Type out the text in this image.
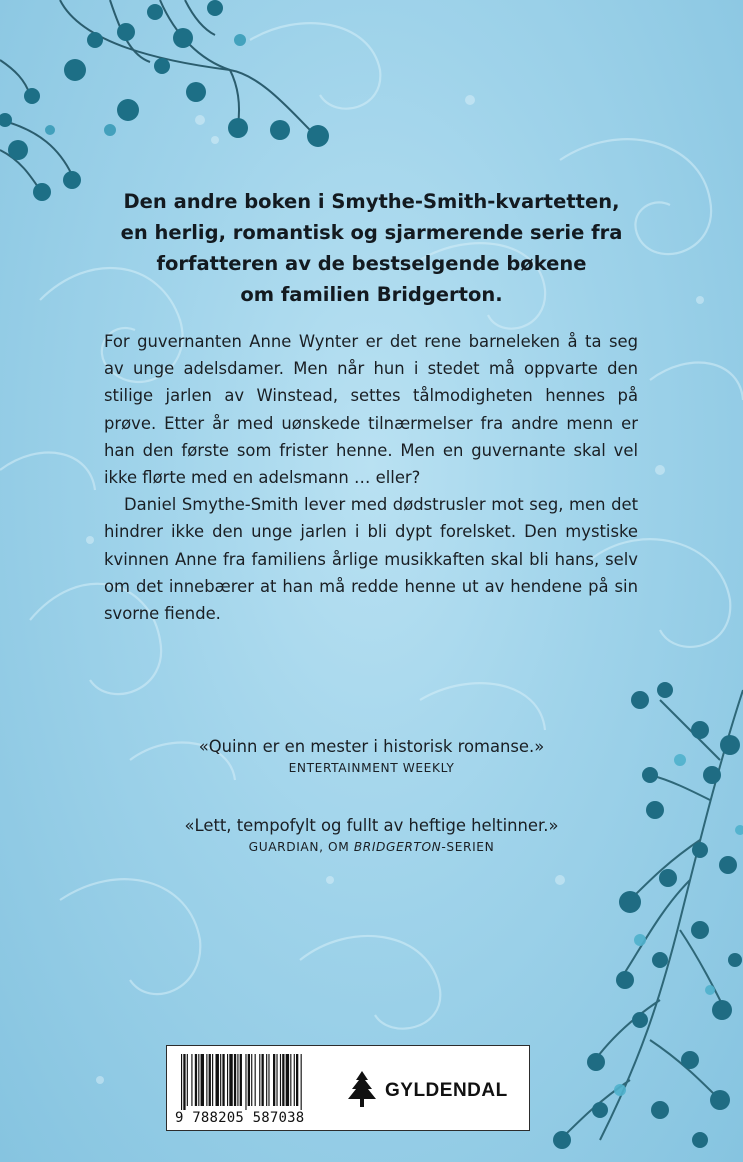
Den andre boken i Smythe-Smith-kvartetten,
en herlig, romantisk og sjarmerende serie fra
forfatteren av de bestselgende bøkene
om familien Bridgerton.

For guvernanten Anne Wynter er det rene barneleken å ta seg av unge adelsdamer. Men når hun i stedet må oppvarte den stilige jarlen av Winstead, settes tålmodigheten hennes på prøve. Etter år med uønskede tilnærmelser fra andre menn er han den første som frister henne. Men en guvernante skal vel ikke flørte med en adelsmann … eller?

Daniel Smythe-Smith lever med dødstrusler mot seg, men det hindrer ikke den unge jarlen i bli dypt forelsket. Den mystiske kvinnen Anne fra familiens årlige musikkaften skal bli hans, selv om det innebærer at han må redde henne ut av hendene på sin svorne fiende.

«Quinn er en mester i historisk romanse.»
ENTERTAINMENT WEEKLY
«Lett, tempofylt og fullt av heftige heltinner.»
GUARDIAN, OM BRIDGERTON-SERIEN
9 788205 587038
GYLDENDAL
